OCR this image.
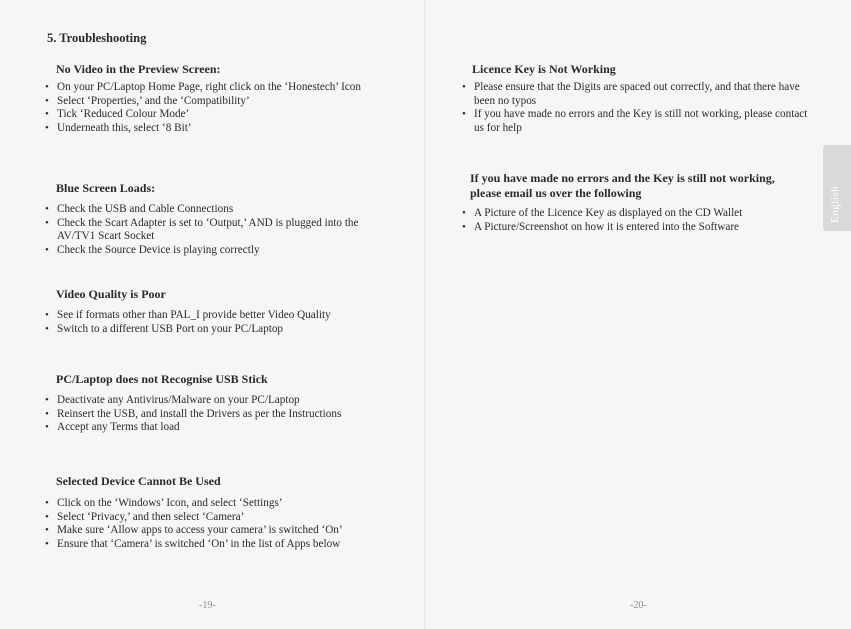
5. Troubleshooting
No Video in the Preview Screen:
• On your PC/Laptop Home Page, right click on the ‘Honestech’ Icon
• Select ‘Properties,’ and the ‘Compatibility’
• Tick ‘Reduced Colour Mode’
• Underneath this, select ‘8 Bit’
Blue Screen Loads:
• Check the USB and Cable Connections
• Check the Scart Adapter is set to ‘Output,’ AND is plugged into the AV/TV1 Scart Socket
• Check the Source Device is playing correctly
Video Quality is Poor
• See if formats other than PAL_I provide better Video Quality
• Switch to a different USB Port on your PC/Laptop
PC/Laptop does not Recognise USB Stick
• Deactivate any Antivirus/Malware on your PC/Laptop
• Reinsert the USB, and install the Drivers as per the Instructions
• Accept any Terms that load
Selected Device Cannot Be Used
• Click on the ‘Windows’ Icon, and select ‘Settings’
• Select ‘Privacy,’ and then select ‘Camera’
• Make sure ‘Allow apps to access your camera’ is switched ‘On’
• Ensure that ‘Camera’ is switched ‘On’ in the list of Apps below
-19-
Licence Key is Not Working
• Please ensure that the Digits are spaced out correctly, and that there have been no typos
• If you have made no errors and the Key is still not working, please contact us for help
If you have made no errors and the Key is still not working, please email us over the following
• A Picture of the Licence Key as displayed on the CD Wallet
• A Picture/Screenshot on how it is entered into the Software
-20-
English
